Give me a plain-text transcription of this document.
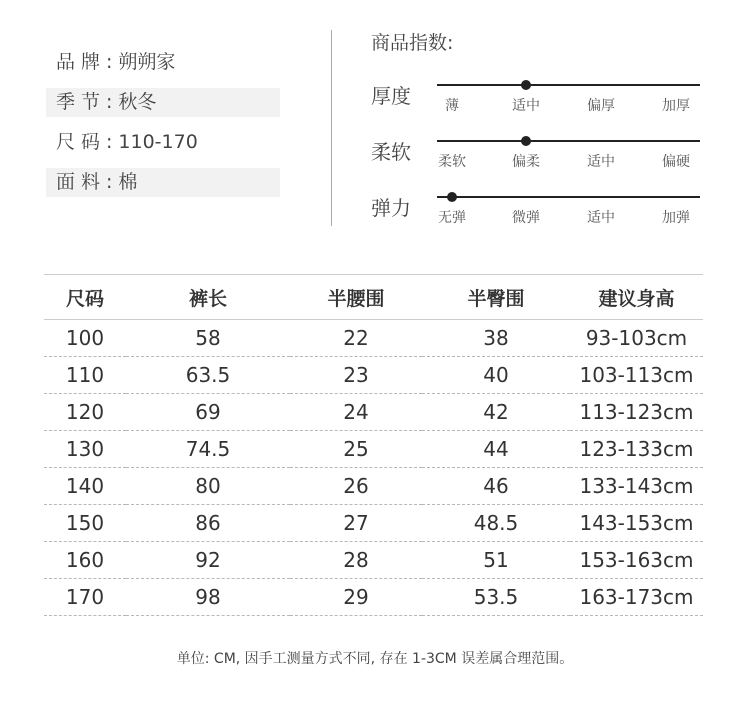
品牌: 朔朔家
季节: 秋冬
尺码: 110-170
面料: 棉
商品指数:
厚度 薄	适中	偏厚	加厚
柔软 柔软	偏柔	适中	偏硬
弹力 无弹	微弹	适中	加弹
尺码	裤长	半腰围	半臀围	建议身高
100	58	22	38	93-103cm
110	63.5	23	40	103-113cm
120	69	24	42	113-123cm
130	74.5	25	44	123-133cm
140	80	26	46	133-143cm
150	86	27	48.5	143-153cm
160	92	28	51	153-163cm
170	98	29	53.5	163-173cm
单位: CM, 因手工测量方式不同, 存在 1-3CM 误差属合理范围。
